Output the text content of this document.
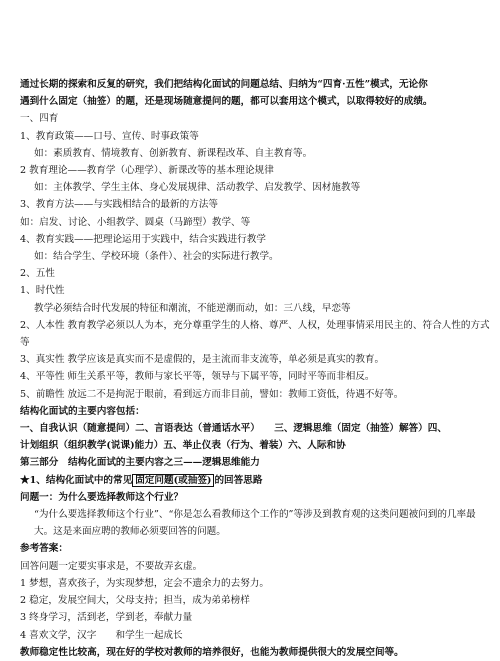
通过长期的探索和反复的研究，我们把结构化面试的问题总结、归纳为“四育·五性”模式，无论你
遇到什么固定（抽签）的题，还是现场随意提问的题，都可以套用这个模式，以取得较好的成绩。
一、四育
1、教育政策——口号、宣传、时事政策等
如：素质教育、情境教育、创新教育、新课程改革、自主教育等。
2 教育理论——教育学（心理学）、新课改等的基本理论规律
如：主体教学、学生主体、身心发展规律、活动教学、启发教学、因材施教等
3、教育方法——与实践相结合的最新的方法等
如：启发、讨论、小组教学、圆桌（马蹄型）教学、等
4、教育实践——把理论运用于实践中，结合实践进行教学
如：结合学生、学校环境（条件）、社会的实际进行教学。
2、五性
1、时代性
教学必须结合时代发展的特征和潮流，不能逆潮而动，如：三八线，早恋等
2、人本性 教育教学必须以人为本，充分尊重学生的人格、尊严、人权，处理事情采用民主的、符合人性的方式等
3、真实性 教学应该是真实而不是虚假的，是主流而非支流等，单必须是真实的教育。
4、平等性 师生关系平等，教师与家长平等，领导与下属平等，同时平等而非相反。
5、前瞻性 放远二不是拘泥于眼前，看到远方而非目前，譬如：教师工资低，待遇不好等。
结构化面试的主要内容包括：
一、自我认识（随意提问）二、言语表达（普通话水平）　　三、逻辑思维（固定（抽签）解答）四、
计划组织（组织教学(说课)能力）五、举止仪表（行为、着装）六、人际和协
第三部分　结构化面试的主要内容之三——逻辑思维能力
★1、结构化面试中的常见 固定问题(或抽签) 的回答思路
问题一：为什么要选择教师这个行业？
“为什么要选择教师这个行业”、“你是怎么看教师这个工作的”等涉及到教育观的这类问题被问到的几率最大。这是来面应聘的教师必须要回答的问题。
参考答案：
回答问题一定要实事求是，不要故弄玄虚。
1 梦想，喜欢孩子，为实现梦想，定会不遗余力的去努力。
2 稳定，发展空间大，父母支持；担当，成为弟弟榜样
3 终身学习，活到老，学到老，奉献力量
4 喜欢文学，汉字　　和学生一起成长
教师稳定性比较高，现在好的学校对教师的培养很好，也能为教师提供很大的发展空间等。
